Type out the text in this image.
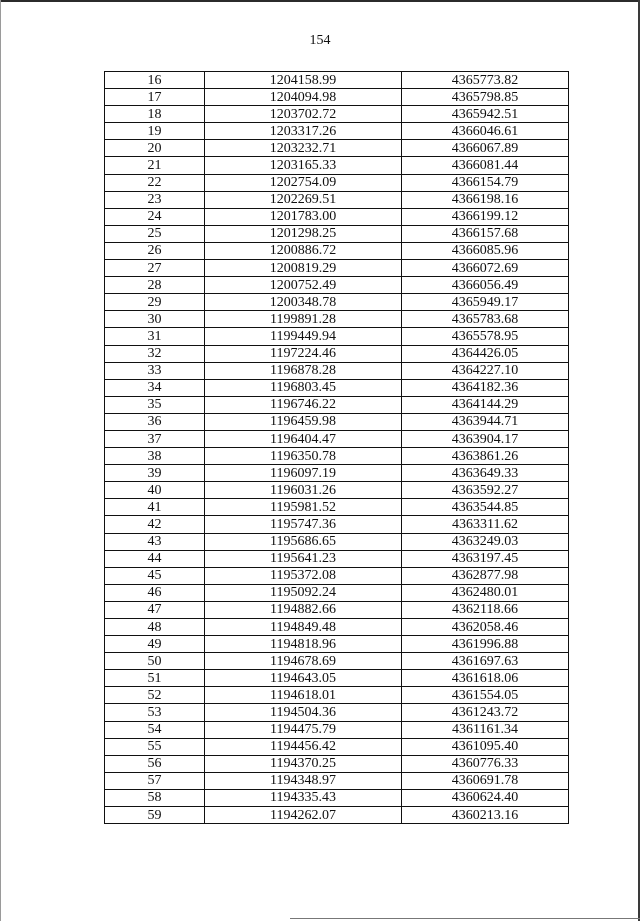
154
16	1204158.99	4365773.82
17	1204094.98	4365798.85
18	1203702.72	4365942.51
19	1203317.26	4366046.61
20	1203232.71	4366067.89
21	1203165.33	4366081.44
22	1202754.09	4366154.79
23	1202269.51	4366198.16
24	1201783.00	4366199.12
25	1201298.25	4366157.68
26	1200886.72	4366085.96
27	1200819.29	4366072.69
28	1200752.49	4366056.49
29	1200348.78	4365949.17
30	1199891.28	4365783.68
31	1199449.94	4365578.95
32	1197224.46	4364426.05
33	1196878.28	4364227.10
34	1196803.45	4364182.36
35	1196746.22	4364144.29
36	1196459.98	4363944.71
37	1196404.47	4363904.17
38	1196350.78	4363861.26
39	1196097.19	4363649.33
40	1196031.26	4363592.27
41	1195981.52	4363544.85
42	1195747.36	4363311.62
43	1195686.65	4363249.03
44	1195641.23	4363197.45
45	1195372.08	4362877.98
46	1195092.24	4362480.01
47	1194882.66	4362118.66
48	1194849.48	4362058.46
49	1194818.96	4361996.88
50	1194678.69	4361697.63
51	1194643.05	4361618.06
52	1194618.01	4361554.05
53	1194504.36	4361243.72
54	1194475.79	4361161.34
55	1194456.42	4361095.40
56	1194370.25	4360776.33
57	1194348.97	4360691.78
58	1194335.43	4360624.40
59	1194262.07	4360213.16
